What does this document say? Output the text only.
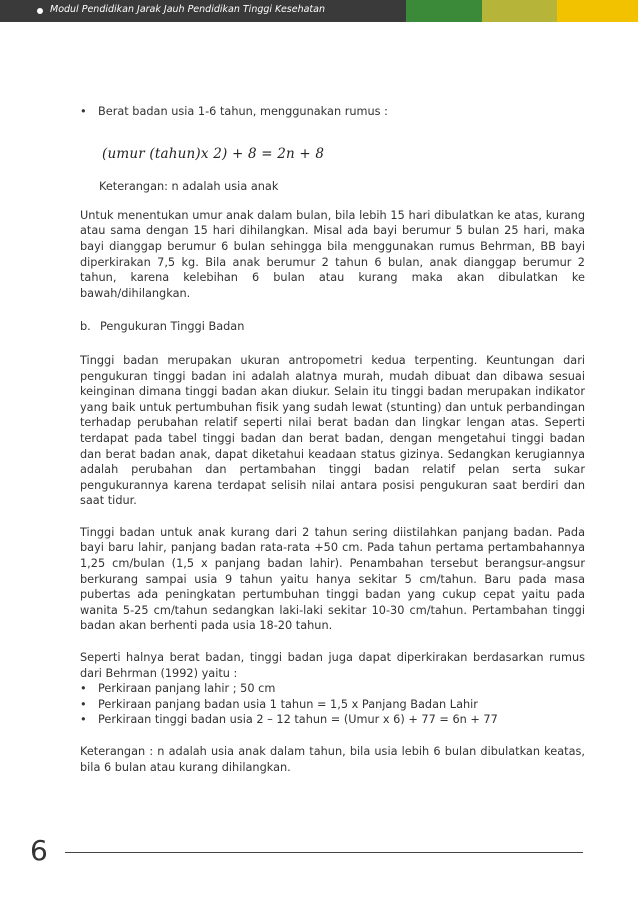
Modul Pendidikan Jarak Jauh Pendidikan Tinggi Kesehatan
•	Berat badan usia 1-6 tahun, menggunakan rumus :
(umur (tahun)x 2) + 8 = 2n + 8

Keterangan: n adalah usia anak

Untuk menentukan umur anak dalam bulan, bila lebih 15 hari dibulatkan ke atas, kurang atau sama dengan 15 hari dihilangkan. Misal ada bayi berumur 5 bulan 25 hari, maka bayi dianggap berumur 6 bulan sehingga bila menggunakan rumus Behrman, BB bayi diperkirakan 7,5 kg. Bila anak berumur 2 tahun 6 bulan, anak dianggap berumur 2 tahun, karena kelebihan 6 bulan atau kurang maka akan dibulatkan ke bawah/dihilangkan.

b. Pengukuran Tinggi Badan

Tinggi badan merupakan ukuran antropometri kedua terpenting. Keuntungan dari pengukuran tinggi badan ini adalah alatnya murah, mudah dibuat dan dibawa sesuai keinginan dimana tinggi badan akan diukur. Selain itu tinggi badan merupakan indikator yang baik untuk pertumbuhan fisik yang sudah lewat (stunting) dan untuk perbandingan terhadap perubahan relatif seperti nilai berat badan dan lingkar lengan atas. Seperti terdapat pada tabel tinggi badan dan berat badan, dengan mengetahui tinggi badan dan berat badan anak, dapat diketahui keadaan status gizinya. Sedangkan kerugiannya adalah perubahan dan pertambahan tinggi badan relatif pelan serta sukar pengukurannya karena terdapat selisih nilai antara posisi pengukuran saat berdiri dan saat tidur.

Tinggi badan untuk anak kurang dari 2 tahun sering diistilahkan panjang badan. Pada bayi baru lahir, panjang badan rata-rata +50 cm. Pada tahun pertama pertambahannya 1,25 cm/bulan (1,5 x panjang badan lahir). Penambahan tersebut berangsur-angsur berkurang sampai usia 9 tahun yaitu hanya sekitar 5 cm/tahun. Baru pada masa pubertas ada peningkatan pertumbuhan tinggi badan yang cukup cepat yaitu pada wanita 5-25 cm/tahun sedangkan laki-laki sekitar 10-30 cm/tahun. Pertambahan tinggi badan akan berhenti pada usia 18-20 tahun.

Seperti halnya berat badan, tinggi badan juga dapat diperkirakan berdasarkan rumus dari Behrman (1992) yaitu :

•	Perkiraan panjang lahir ; 50 cm
•	Perkiraan panjang badan usia 1 tahun = 1,5 x Panjang Badan Lahir
•	Perkiraan tinggi badan usia 2 – 12 tahun = (Umur x 6) + 77 = 6n + 77

Keterangan : n adalah usia anak dalam tahun, bila usia lebih 6 bulan dibulatkan keatas, bila 6 bulan atau kurang dihilangkan.

6
